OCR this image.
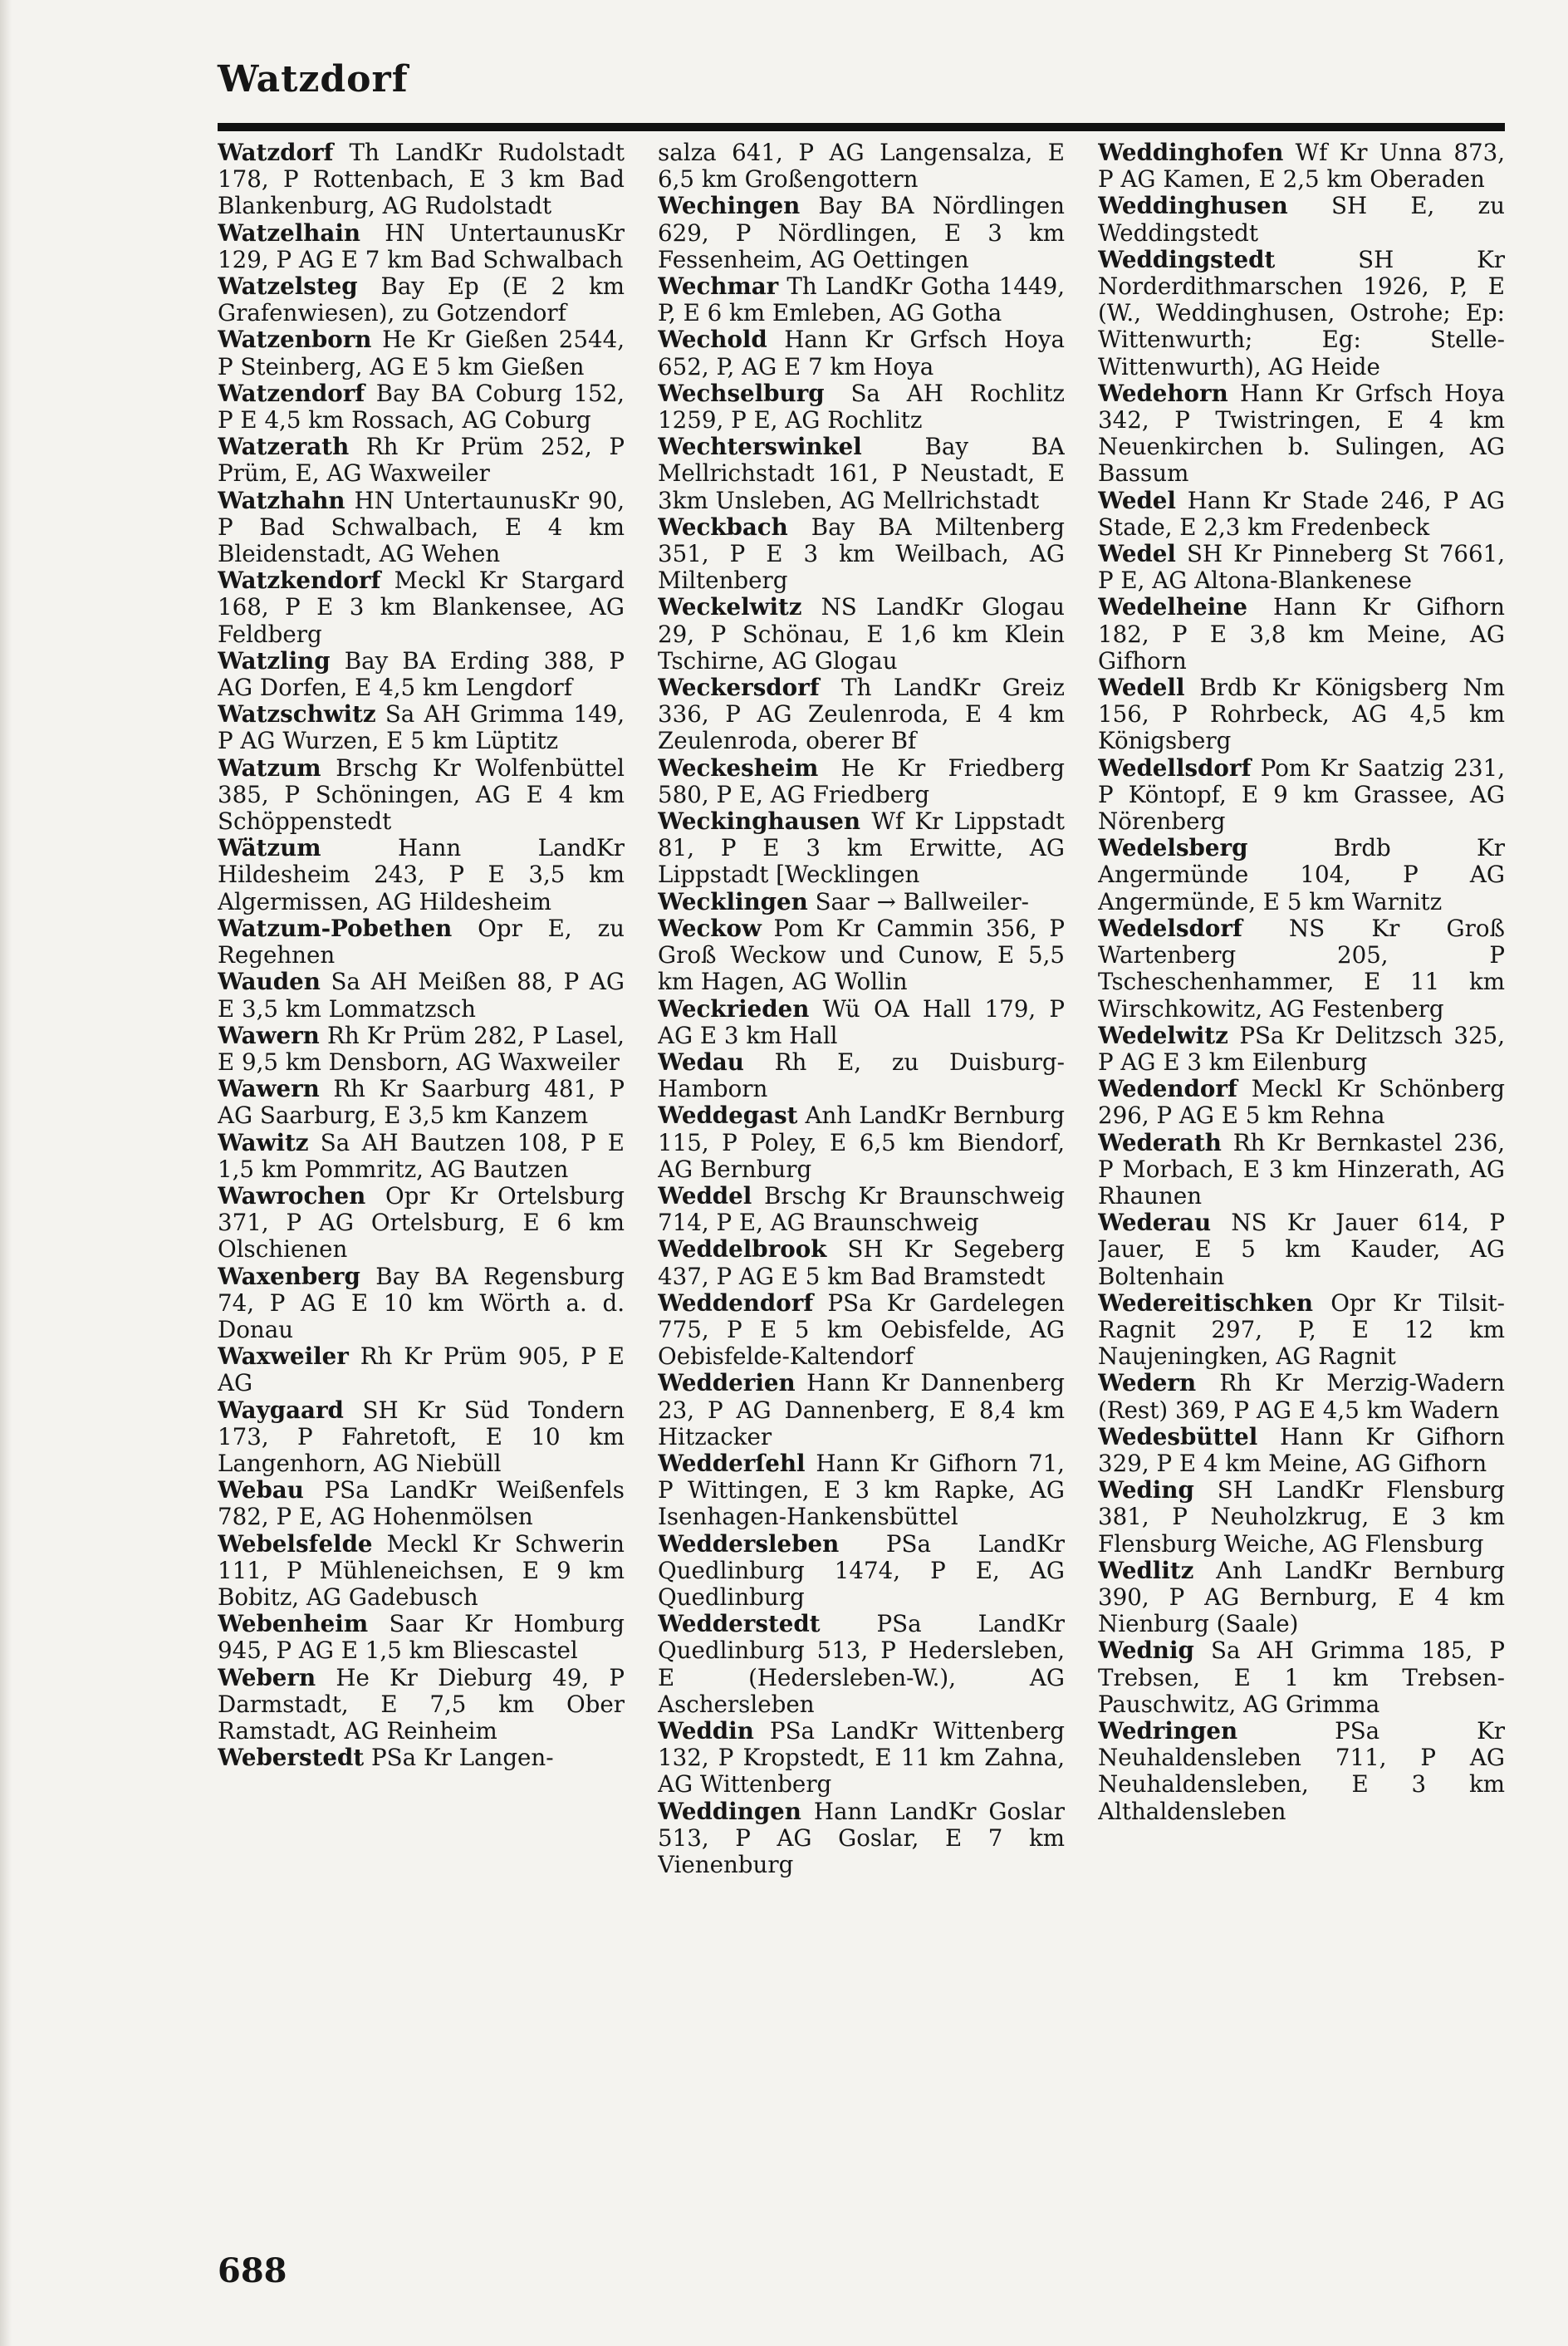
Watzdorf

Watzdorf Th LandKr Rudolstadt 178, P Rottenbach, E 3 km Bad Blankenburg, AG Rudolstadt

Watzelhain HN UntertaunusKr 129, P AG E 7 km Bad Schwalbach

Watzelsteg Bay Ep (E 2 km Grafenwiesen), zu Gotzendorf

Watzenborn He Kr Gießen 2544, P Steinberg, AG E 5 km Gießen

Watzendorf Bay BA Coburg 152, P E 4,5 km Rossach, AG Coburg

Watzerath Rh Kr Prüm 252, P Prüm, E, AG Waxweiler

Watzhahn HN UntertaunusKr 90, P Bad Schwalbach, E 4 km Bleidenstadt, AG Wehen

Watzkendorf Meckl Kr Stargard 168, P E 3 km Blankensee, AG Feldberg

Watzling Bay BA Erding 388, P AG Dorfen, E 4,5 km Lengdorf

Watzschwitz Sa AH Grimma 149, P AG Wurzen, E 5 km Lüptitz

Watzum Brschg Kr Wolfenbüttel 385, P Schöningen, AG E 4 km Schöppenstedt

Wätzum	Hann LandKr Hildesheim 243, P E 3,5 km Algermissen, AG Hildesheim

Watzum-Pobethen Opr E, zu Regehnen

Wauden Sa AH Meißen 88, P AG E 3,5 km Lommatzsch

Wawern Rh Kr Prüm 282, P Lasel, E 9,5 km Densborn, AG Waxweiler

Wawern Rh Kr Saarburg 481, P AG Saarburg, E 3,5 km Kanzem

Wawitz Sa AH Bautzen 108, P E 1,5 km Pommritz, AG Bautzen

Wawrochen Opr Kr Ortelsburg 371, P AG Ortelsburg, E 6 km Olschienen

Waxenberg Bay BA Regensburg 74, P AG E 10 km Wörth a. d. Donau

Waxweiler Rh Kr Prüm 905, P E AG

Waygaard SH Kr Süd Tondern 173, P Fahretoft, E 10 km Langenhorn, AG Niebüll

Webau PSa LandKr Weißenfels 782, P E, AG Hohenmölsen

Webelsfelde Meckl Kr Schwerin 111, P Mühleneichsen, E 9 km Bobitz, AG Gadebusch

Webenheim Saar Kr Homburg 945, P AG E 1,5 km Bliescastel

Webern He Kr Dieburg 49, P Darmstadt, E 7,5 km Ober Ramstadt, AG Reinheim

Weberstedt PSa Kr Langen-

salza 641, P AG Langensalza, E 6,5 km Großengottern

Wechingen Bay BA Nördlingen 629, P Nördlingen, E 3 km Fessenheim, AG Oettingen

Wechmar Th LandKr Gotha 1449, P, E 6 km Emleben, AG Gotha

Wechold Hann Kr Grfsch Hoya 652, P, AG E 7 km Hoya

Wechselburg Sa AH Rochlitz 1259, P E, AG Rochlitz

Wechterswinkel	Bay BA Mellrichstadt 161, P Neustadt, E 3km Unsleben, AG Mellrichstadt

Weckbach Bay BA Miltenberg 351, P E 3 km Weilbach, AG Miltenberg

Weckelwitz NS LandKr Glogau 29, P Schönau, E 1,6 km Klein Tschirne, AG Glogau

Weckersdorf Th LandKr Greiz 336, P AG Zeulenroda, E 4 km Zeulenroda, oberer Bf

Weckesheim He Kr Friedberg 580, P E, AG Friedberg

Weckinghausen Wf Kr Lippstadt 81, P E 3 km Erwitte, AG Lippstadt [Wecklingen

Wecklingen Saar → Ballweiler-

Weckow Pom Kr Cammin 356, P Groß Weckow und Cunow, E 5,5 km Hagen, AG Wollin

Weckrieden Wü OA Hall 179, P AG E 3 km Hall

Wedau Rh E, zu Duisburg-Hamborn

Weddegast Anh LandKr Bernburg 115, P Poley, E 6,5 km Biendorf, AG Bernburg

Weddel Brschg Kr Braunschweig 714, P E, AG Braunschweig

Weddelbrook SH Kr Segeberg 437, P AG E 5 km Bad Bramstedt

Weddendorf PSa Kr Gardelegen 775, P E 5 km Oebisfelde, AG Oebisfelde-Kaltendorf

Wedderien Hann Kr Dannenberg 23, P AG Dannenberg, E 8,4 km Hitzacker

Wedderſehl Hann Kr Gifhorn 71, P Wittingen, E 3 km Rapke, AG Isenhagen-Hankensbüttel

Weddersleben PSa LandKr Quedlinburg 1474, P E, AG Quedlinburg

Wedderstedt PSa LandKr Quedlinburg 513, P Hedersleben, E (Hedersleben-W.), AG Aschersleben

Weddin PSa LandKr Wittenberg 132, P Kropstedt, E 11 km Zahna, AG Wittenberg

Weddingen Hann LandKr Goslar 513, P AG Goslar, E 7 km Vienenburg

Weddinghofen Wf Kr Unna 873, P AG Kamen, E 2,5 km Oberaden

Weddinghusen SH E, zu Weddingstedt

Weddingstedt	SH Kr Norderdithmarschen 1926, P, E (W., Weddinghusen, Ostrohe; Ep: Wittenwurth; Eg: Stelle-Wittenwurth), AG Heide

Wedehorn Hann Kr Grfsch Hoya 342, P Twistringen, E 4 km Neuenkirchen b. Sulingen, AG Bassum

Wedel Hann Kr Stade 246, P AG Stade, E 2,3 km Fredenbeck

Wedel SH Kr Pinneberg St 7661, P E, AG Altona-Blankenese

Wedelheine Hann Kr Gifhorn 182, P E 3,8 km Meine, AG Gifhorn

Wedell Brdb Kr Königsberg Nm 156, P Rohrbeck, AG 4,5 km Königsberg

Wedellsdorf Pom Kr Saatzig 231, P Köntopf, E 9 km Grassee, AG Nörenberg

Wedelsberg	Brdb Kr Angermünde 104, P AG Angermünde, E 5 km Warnitz

Wedelsdorf NS Kr Groß Wartenberg 205, P Tscheschenhammer, E 11 km Wirschkowitz, AG Festenberg

Wedelwitz PSa Kr Delitzsch 325, P AG E 3 km Eilenburg

Wedendorf Meckl Kr Schönberg 296, P AG E 5 km Rehna

Wederath Rh Kr Bernkastel 236, P Morbach, E 3 km Hinzerath, AG Rhaunen

Wederau NS Kr Jauer 614, P Jauer, E 5 km Kauder, AG Boltenhain

Wedereitischken Opr Kr Tilsit-Ragnit 297, P, E 12 km Naujeningken, AG Ragnit

Wedern Rh Kr Merzig-Wadern (Rest) 369, P AG E 4,5 km Wadern

Wedesbüttel Hann Kr Gifhorn 329, P E 4 km Meine, AG Gifhorn

Weding SH LandKr Flensburg 381, P Neuholzkrug, E 3 km Flensburg Weiche, AG Flensburg

Wedlitz Anh LandKr Bernburg 390, P AG Bernburg, E 4 km Nienburg (Saale)

Wednig Sa AH Grimma 185, P Trebsen, E 1 km Trebsen-Pauschwitz, AG Grimma

Wedringen	PSa Kr Neuhaldensleben 711, P AG Neuhaldensleben, E 3 km Althaldensleben

688
